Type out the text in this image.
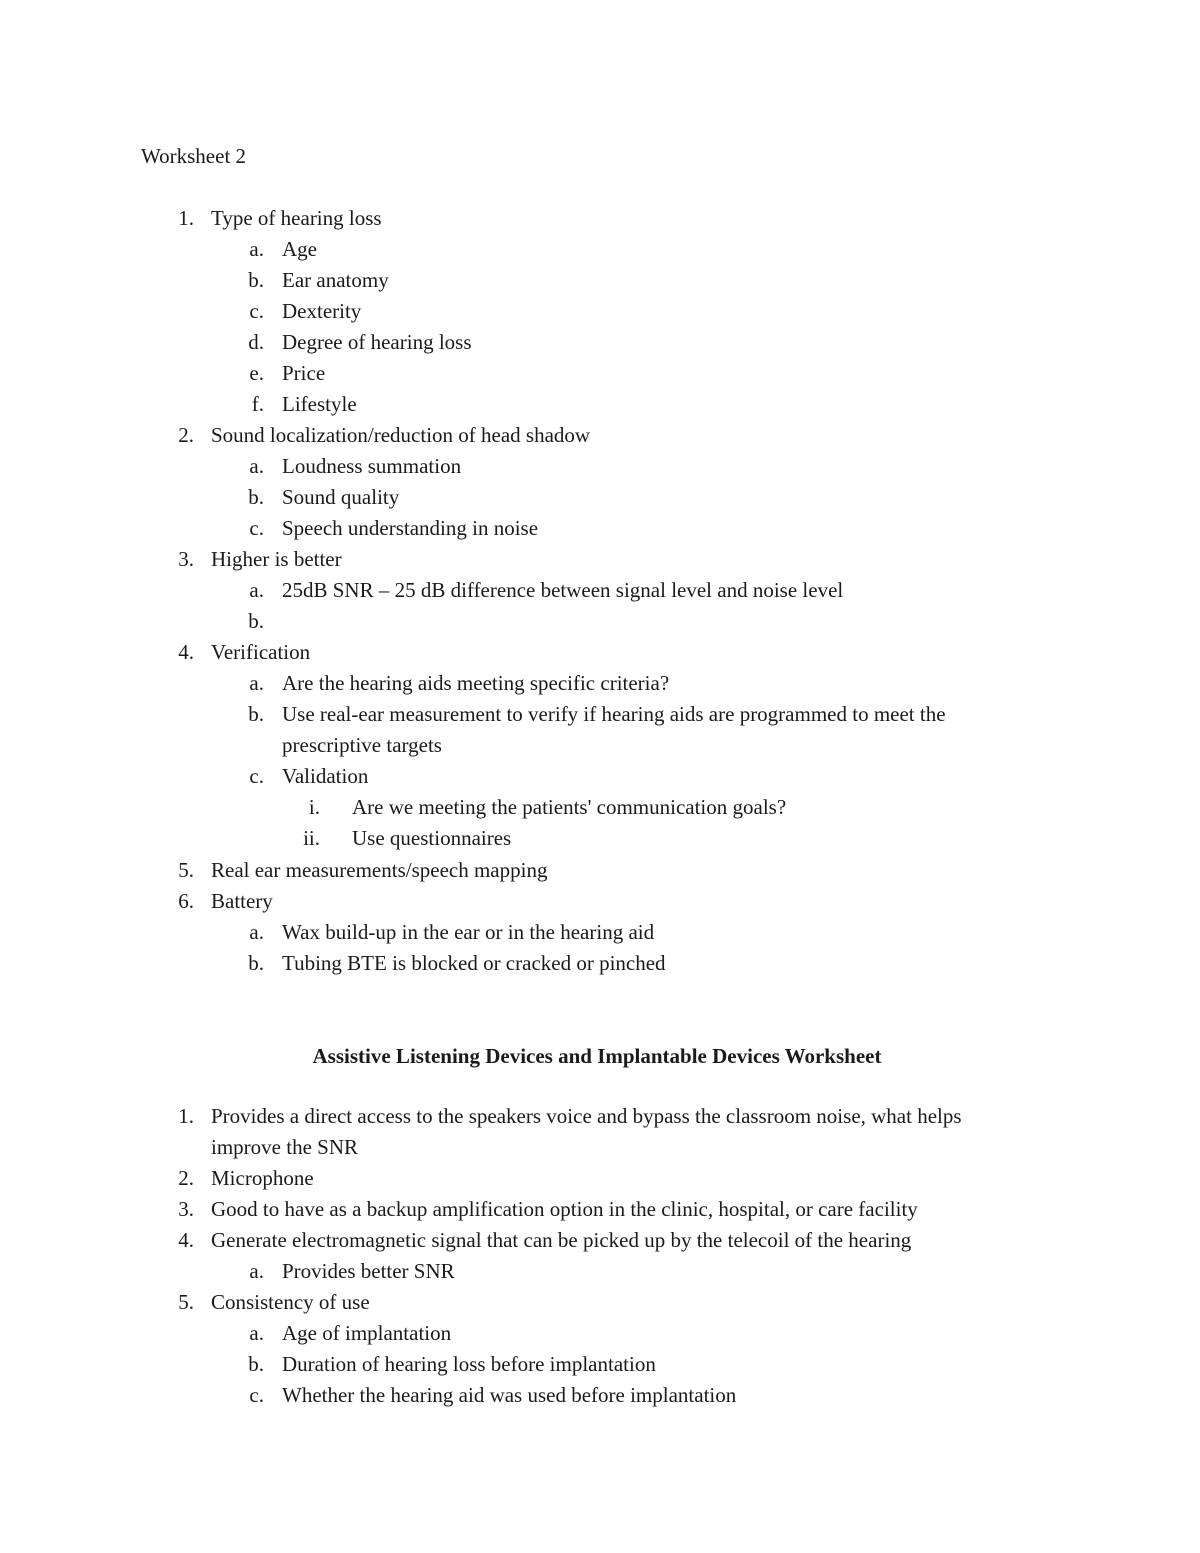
Worksheet 2
1. Type of hearing loss
a. Age
b. Ear anatomy
c. Dexterity
d. Degree of hearing loss
e. Price
f. Lifestyle
2. Sound localization/reduction of head shadow
a. Loudness summation
b. Sound quality
c. Speech understanding in noise
3. Higher is better
a. 25dB SNR – 25 dB difference between signal level and noise level
b.
4. Verification
a. Are the hearing aids meeting specific criteria?
b. Use real-ear measurement to verify if hearing aids are programmed to meet the
prescriptive targets
c. Validation
i. Are we meeting the patients' communication goals?
ii. Use questionnaires
5. Real ear measurements/speech mapping
6. Battery
a. Wax build-up in the ear or in the hearing aid
b. Tubing BTE is blocked or cracked or pinched
Assistive Listening Devices and Implantable Devices Worksheet
1. Provides a direct access to the speakers voice and bypass the classroom noise, what helps
improve the SNR
2. Microphone
3. Good to have as a backup amplification option in the clinic, hospital, or care facility
4. Generate electromagnetic signal that can be picked up by the telecoil of the hearing
a. Provides better SNR
5. Consistency of use
a. Age of implantation
b. Duration of hearing loss before implantation
c. Whether the hearing aid was used before implantation
